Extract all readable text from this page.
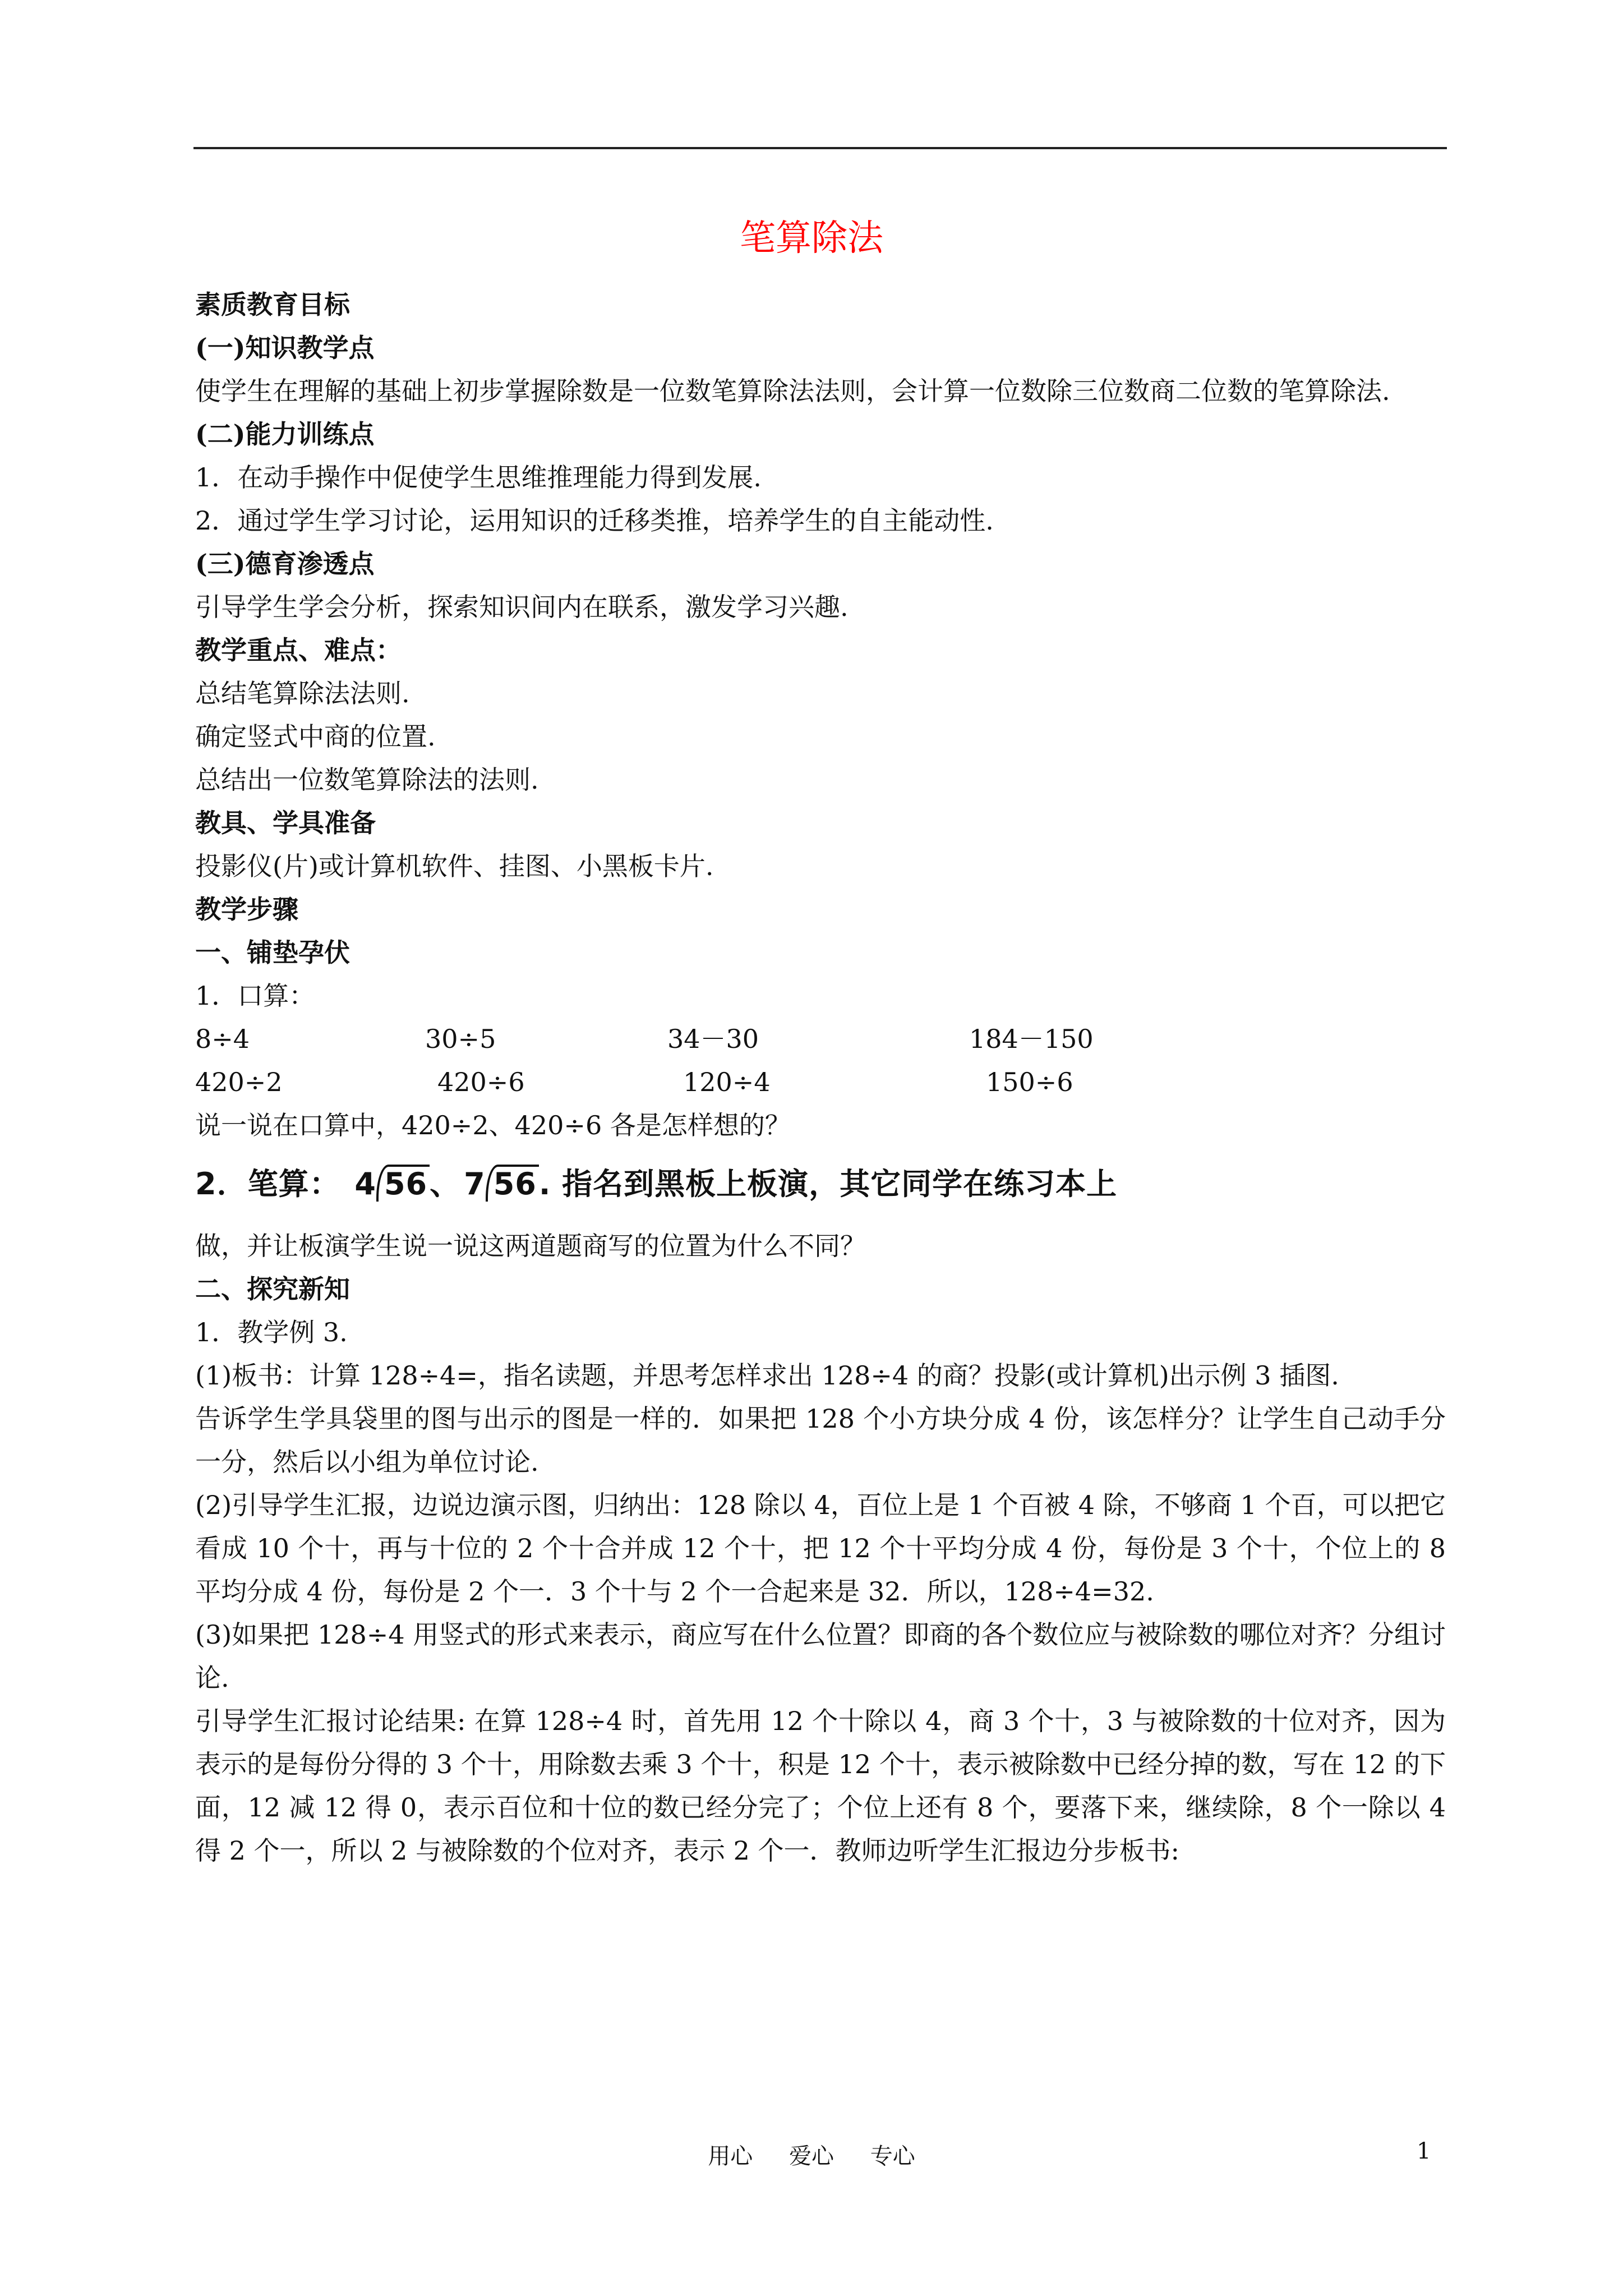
笔算除法
素质教育目标
(一)知识教学点
使学生在理解的基础上初步掌握除数是一位数笔算除法法则，会计算一位数除三位数商二位数的笔算除法.
(二)能力训练点
1．在动手操作中促使学生思维推理能力得到发展.
2．通过学生学习讨论，运用知识的迁移类推，培养学生的自主能动性.
(三)德育渗透点
引导学生学会分析，探索知识间内在联系，激发学习兴趣.
教学重点、难点：
总结笔算除法法则.
确定竖式中商的位置.
总结出一位数笔算除法的法则.
教具、学具准备
投影仪(片)或计算机软件、挂图、小黑板卡片.
教学步骤
一、铺垫孕伏
1．口算：
8÷4	30÷5	34－30	184－150
420÷2	420÷6	120÷4	150÷6
说一说在口算中，420÷2、420÷6 各是怎样想的？
2．笔算： 4 56、 7 56. 指名到黑板上板演，其它同学在练习本上
做，并让板演学生说一说这两道题商写的位置为什么不同？
二、探究新知
1．教学例 3.
(1)板书：计算 128÷4=，指名读题，并思考怎样求出 128÷4 的商？投影(或计算机)出示例 3 插图.
告诉学生学具袋里的图与出示的图是一样的．如果把 128 个小方块分成 4 份，该怎样分？让学生自己动手分一分，然后以小组为单位讨论.
(2)引导学生汇报，边说边演示图，归纳出：128 除以 4，百位上是 1 个百被 4 除，不够商 1 个百，可以把它看成 10 个十，再与十位的 2 个十合并成 12 个十，把 12 个十平均分成 4 份，每份是 3 个十，个位上的 8 平均分成 4 份，每份是 2 个一．3 个十与 2 个一合起来是 32．所以，128÷4=32.
(3)如果把 128÷4 用竖式的形式来表示，商应写在什么位置？即商的各个数位应与被除数的哪位对齐？分组讨论.
引导学生汇报讨论结果: 在算 128÷4 时，首先用 12 个十除以 4，商 3 个十，3 与被除数的十位对齐，因为表示的是每份分得的 3 个十，用除数去乘 3 个十，积是 12 个十，表示被除数中已经分掉的数，写在 12 的下面，12 减 12 得 0，表示百位和十位的数已经分完了；个位上还有 8 个，要落下来，继续除，8 个一除以 4 得 2 个一，所以 2 与被除数的个位对齐，表示 2 个一．教师边听学生汇报边分步板书:
用心 爱心 专心	1
